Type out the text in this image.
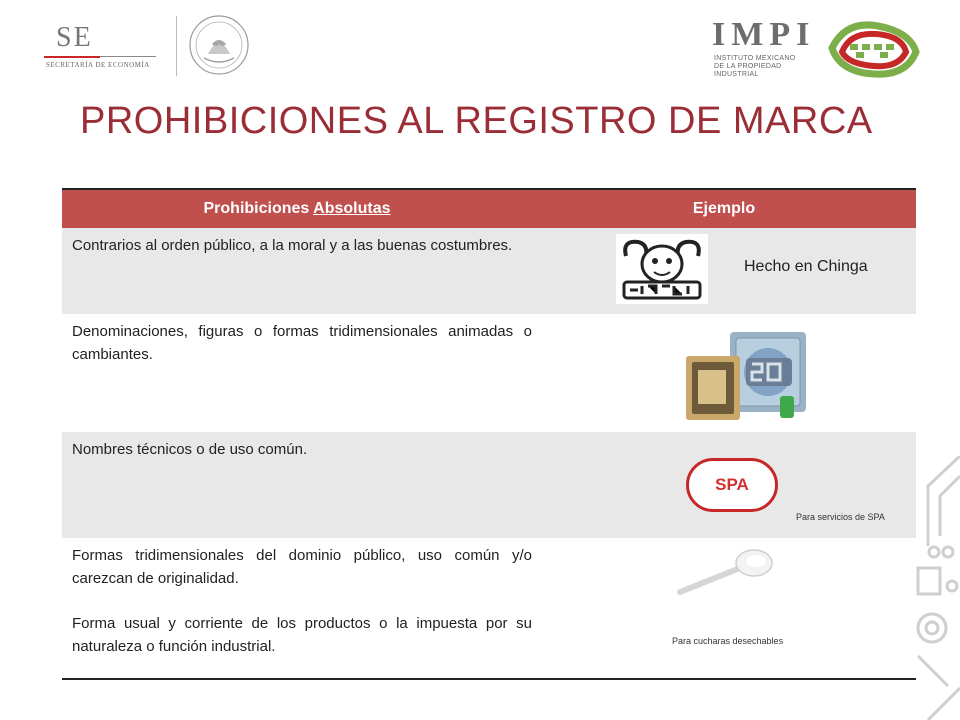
SE
SECRETARÍA DE ECONOMÍA
IMPI
INSTITUTO MEXICANO
DE LA PROPIEDAD
INDUSTRIAL
PROHIBICIONES AL REGISTRO DE MARCA
Prohibiciones Absolutas	Ejemplo

Contrarios al orden público, a la moral y a las buenas costumbres.

Hecho en Chinga

Denominaciones, figuras o formas tridimensionales animadas o cambiantes.

Nombres técnicos o de uso común.

SPA
Para servicios de SPA

Formas tridimensionales del dominio público, uso común y/o carezcan de originalidad.

Forma usual y corriente de los productos o la impuesta por su naturaleza o función industrial.	Para cucharas desechables
